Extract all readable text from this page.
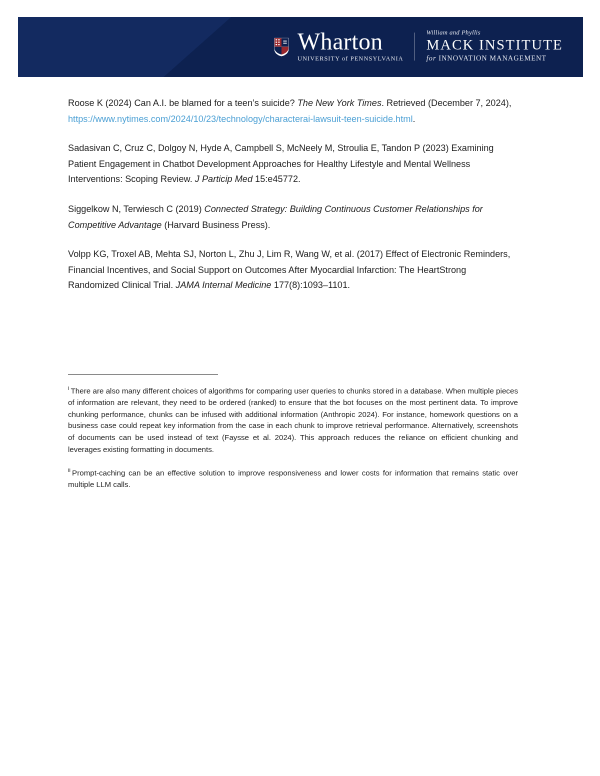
Wharton
UNIVERSITY of PENNSYLVANIA
William and Phyllis
MACK INSTITUTE
for INNOVATION MANAGEMENT

Roose K (2024) Can A.I. be blamed for a teen’s suicide? The New York Times. Retrieved (December 7, 2024), https://www.nytimes.com/2024/10/23/technology/characterai-lawsuit-teen-suicide.html.

Sadasivan C, Cruz C, Dolgoy N, Hyde A, Campbell S, McNeely M, Stroulia E, Tandon P (2023) Examining Patient Engagement in Chatbot Development Approaches for Healthy Lifestyle and Mental Wellness Interventions: Scoping Review. J Particip Med 15:e45772.

Siggelkow N, Terwiesch C (2019) Connected Strategy: Building Continuous Customer Relationships for Competitive Advantage (Harvard Business Press).

Volpp KG, Troxel AB, Mehta SJ, Norton L, Zhu J, Lim R, Wang W, et al. (2017) Effect of Electronic Reminders, Financial Incentives, and Social Support on Outcomes After Myocardial Infarction: The HeartStrong Randomized Clinical Trial. JAMA Internal Medicine 177(8):1093–1101.

$^i$ There are also many different choices of algorithms for comparing user queries to chunks stored in a database. When multiple pieces of information are relevant, they need to be ordered (ranked) to ensure that the bot focuses on the most pertinent data. To improve chunking performance, chunks can be infused with additional information (Anthropic 2024). For instance, homework questions on a business case could repeat key information from the case in each chunk to improve retrieval performance. Alternatively, screenshots of documents can be used instead of text (Faysse et al. 2024). This approach reduces the reliance on efficient chunking and leverages existing formatting in documents.

$^{ii}$ Prompt-caching can be an effective solution to improve responsiveness and lower costs for information that remains static over multiple LLM calls.
